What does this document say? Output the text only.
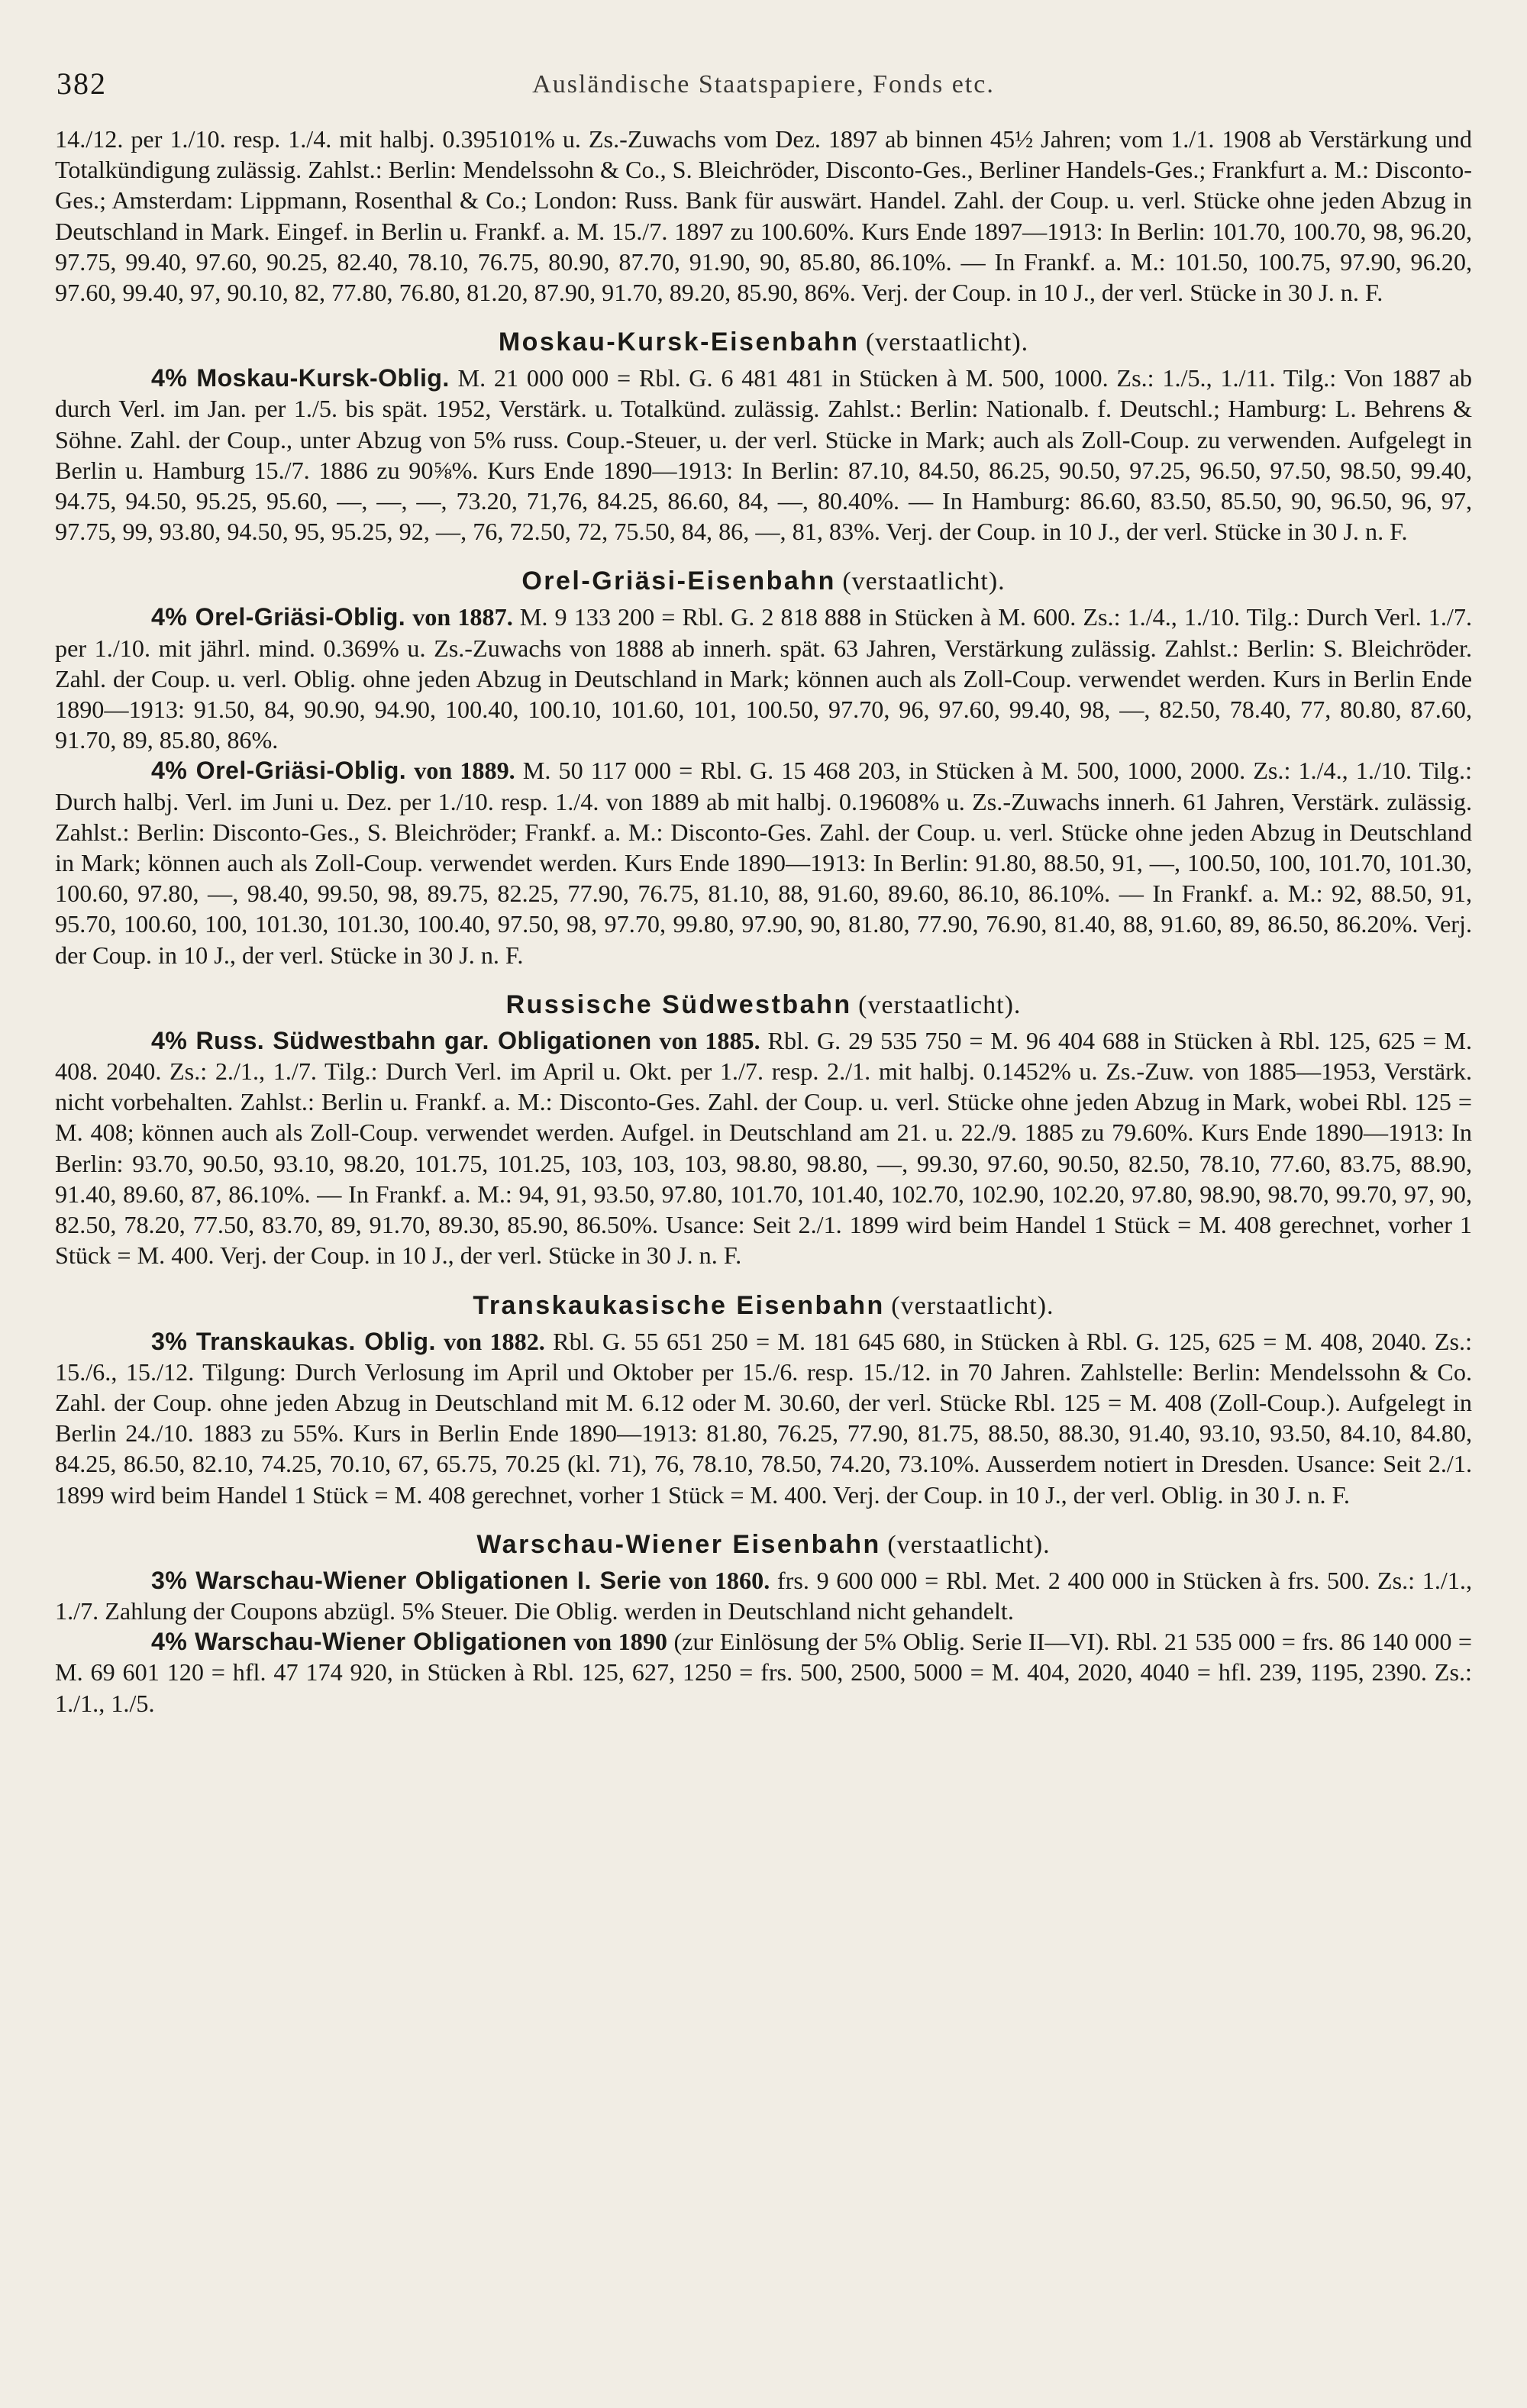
382	Ausländische Staatspapiere, Fonds etc.

14./12. per 1./10. resp. 1./4. mit halbj. 0.395101% u. Zs.-Zuwachs vom Dez. 1897 ab binnen 45½ Jahren; vom 1./1. 1908 ab Verstärkung und Totalkündigung zulässig. Zahlst.: Berlin: Mendelssohn & Co., S. Bleichröder, Disconto-Ges., Berliner Handels-Ges.; Frankfurt a. M.: Disconto-Ges.; Amsterdam: Lippmann, Rosenthal & Co.; London: Russ. Bank für auswärt. Handel. Zahl. der Coup. u. verl. Stücke ohne jeden Abzug in Deutschland in Mark. Eingef. in Berlin u. Frankf. a. M. 15./7. 1897 zu 100.60%. Kurs Ende 1897—1913: In Berlin: 101.70, 100.70, 98, 96.20, 97.75, 99.40, 97.60, 90.25, 82.40, 78.10, 76.75, 80.90, 87.70, 91.90, 90, 85.80, 86.10%. — In Frankf. a. M.: 101.50, 100.75, 97.90, 96.20, 97.60, 99.40, 97, 90.10, 82, 77.80, 76.80, 81.20, 87.90, 91.70, 89.20, 85.90, 86%. Verj. der Coup. in 10 J., der verl. Stücke in 30 J. n. F.

Moskau-Kursk-Eisenbahn (verstaatlicht).

4% Moskau-Kursk-Oblig. M. 21 000 000 = Rbl. G. 6 481 481 in Stücken à M. 500, 1000. Zs.: 1./5., 1./11. Tilg.: Von 1887 ab durch Verl. im Jan. per 1./5. bis spät. 1952, Verstärk. u. Totalkünd. zulässig. Zahlst.: Berlin: Nationalb. f. Deutschl.; Hamburg: L. Behrens & Söhne. Zahl. der Coup., unter Abzug von 5% russ. Coup.-Steuer, u. der verl. Stücke in Mark; auch als Zoll-Coup. zu verwenden. Aufgelegt in Berlin u. Hamburg 15./7. 1886 zu 90⅝%. Kurs Ende 1890—1913: In Berlin: 87.10, 84.50, 86.25, 90.50, 97.25, 96.50, 97.50, 98.50, 99.40, 94.75, 94.50, 95.25, 95.60, —, —, —, 73.20, 71,76, 84.25, 86.60, 84, —, 80.40%. — In Hamburg: 86.60, 83.50, 85.50, 90, 96.50, 96, 97, 97.75, 99, 93.80, 94.50, 95, 95.25, 92, —, 76, 72.50, 72, 75.50, 84, 86, —, 81, 83%. Verj. der Coup. in 10 J., der verl. Stücke in 30 J. n. F.

Orel-Griäsi-Eisenbahn (verstaatlicht).

4% Orel-Griäsi-Oblig. von 1887. M. 9 133 200 = Rbl. G. 2 818 888 in Stücken à M. 600. Zs.: 1./4., 1./10. Tilg.: Durch Verl. 1./7. per 1./10. mit jährl. mind. 0.369% u. Zs.-Zuwachs von 1888 ab innerh. spät. 63 Jahren, Verstärkung zulässig. Zahlst.: Berlin: S. Bleichröder. Zahl. der Coup. u. verl. Oblig. ohne jeden Abzug in Deutschland in Mark; können auch als Zoll-Coup. verwendet werden. Kurs in Berlin Ende 1890—1913: 91.50, 84, 90.90, 94.90, 100.40, 100.10, 101.60, 101, 100.50, 97.70, 96, 97.60, 99.40, 98, —, 82.50, 78.40, 77, 80.80, 87.60, 91.70, 89, 85.80, 86%.

4% Orel-Griäsi-Oblig. von 1889. M. 50 117 000 = Rbl. G. 15 468 203, in Stücken à M. 500, 1000, 2000. Zs.: 1./4., 1./10. Tilg.: Durch halbj. Verl. im Juni u. Dez. per 1./10. resp. 1./4. von 1889 ab mit halbj. 0.19608% u. Zs.-Zuwachs innerh. 61 Jahren, Verstärk. zulässig. Zahlst.: Berlin: Disconto-Ges., S. Bleichröder; Frankf. a. M.: Disconto-Ges. Zahl. der Coup. u. verl. Stücke ohne jeden Abzug in Deutschland in Mark; können auch als Zoll-Coup. verwendet werden. Kurs Ende 1890—1913: In Berlin: 91.80, 88.50, 91, —, 100.50, 100, 101.70, 101.30, 100.60, 97.80, —, 98.40, 99.50, 98, 89.75, 82.25, 77.90, 76.75, 81.10, 88, 91.60, 89.60, 86.10, 86.10%. — In Frankf. a. M.: 92, 88.50, 91, 95.70, 100.60, 100, 101.30, 101.30, 100.40, 97.50, 98, 97.70, 99.80, 97.90, 90, 81.80, 77.90, 76.90, 81.40, 88, 91.60, 89, 86.50, 86.20%. Verj. der Coup. in 10 J., der verl. Stücke in 30 J. n. F.

Russische Südwestbahn (verstaatlicht).

4% Russ. Südwestbahn gar. Obligationen von 1885. Rbl. G. 29 535 750 = M. 96 404 688 in Stücken à Rbl. 125, 625 = M. 408. 2040. Zs.: 2./1., 1./7. Tilg.: Durch Verl. im April u. Okt. per 1./7. resp. 2./1. mit halbj. 0.1452% u. Zs.-Zuw. von 1885—1953, Verstärk. nicht vorbehalten. Zahlst.: Berlin u. Frankf. a. M.: Disconto-Ges. Zahl. der Coup. u. verl. Stücke ohne jeden Abzug in Mark, wobei Rbl. 125 = M. 408; können auch als Zoll-Coup. verwendet werden. Aufgel. in Deutschland am 21. u. 22./9. 1885 zu 79.60%. Kurs Ende 1890—1913: In Berlin: 93.70, 90.50, 93.10, 98.20, 101.75, 101.25, 103, 103, 103, 98.80, 98.80, —, 99.30, 97.60, 90.50, 82.50, 78.10, 77.60, 83.75, 88.90, 91.40, 89.60, 87, 86.10%. — In Frankf. a. M.: 94, 91, 93.50, 97.80, 101.70, 101.40, 102.70, 102.90, 102.20, 97.80, 98.90, 98.70, 99.70, 97, 90, 82.50, 78.20, 77.50, 83.70, 89, 91.70, 89.30, 85.90, 86.50%. Usance: Seit 2./1. 1899 wird beim Handel 1 Stück = M. 408 gerechnet, vorher 1 Stück = M. 400. Verj. der Coup. in 10 J., der verl. Stücke in 30 J. n. F.

Transkaukasische Eisenbahn (verstaatlicht).

3% Transkaukas. Oblig. von 1882. Rbl. G. 55 651 250 = M. 181 645 680, in Stücken à Rbl. G. 125, 625 = M. 408, 2040. Zs.: 15./6., 15./12. Tilgung: Durch Verlosung im April und Oktober per 15./6. resp. 15./12. in 70 Jahren. Zahlstelle: Berlin: Mendelssohn & Co. Zahl. der Coup. ohne jeden Abzug in Deutschland mit M. 6.12 oder M. 30.60, der verl. Stücke Rbl. 125 = M. 408 (Zoll-Coup.). Aufgelegt in Berlin 24./10. 1883 zu 55%. Kurs in Berlin Ende 1890—1913: 81.80, 76.25, 77.90, 81.75, 88.50, 88.30, 91.40, 93.10, 93.50, 84.10, 84.80, 84.25, 86.50, 82.10, 74.25, 70.10, 67, 65.75, 70.25 (kl. 71), 76, 78.10, 78.50, 74.20, 73.10%. Ausserdem notiert in Dresden. Usance: Seit 2./1. 1899 wird beim Handel 1 Stück = M. 408 gerechnet, vorher 1 Stück = M. 400. Verj. der Coup. in 10 J., der verl. Oblig. in 30 J. n. F.

Warschau-Wiener Eisenbahn (verstaatlicht).

3% Warschau-Wiener Obligationen I. Serie von 1860. frs. 9 600 000 = Rbl. Met. 2 400 000 in Stücken à frs. 500. Zs.: 1./1., 1./7. Zahlung der Coupons abzügl. 5% Steuer. Die Oblig. werden in Deutschland nicht gehandelt.

4% Warschau-Wiener Obligationen von 1890 (zur Einlösung der 5% Oblig. Serie II—VI). Rbl. 21 535 000 = frs. 86 140 000 = M. 69 601 120 = hfl. 47 174 920, in Stücken à Rbl. 125, 627, 1250 = frs. 500, 2500, 5000 = M. 404, 2020, 4040 = hfl. 239, 1195, 2390. Zs.: 1./1., 1./5.
